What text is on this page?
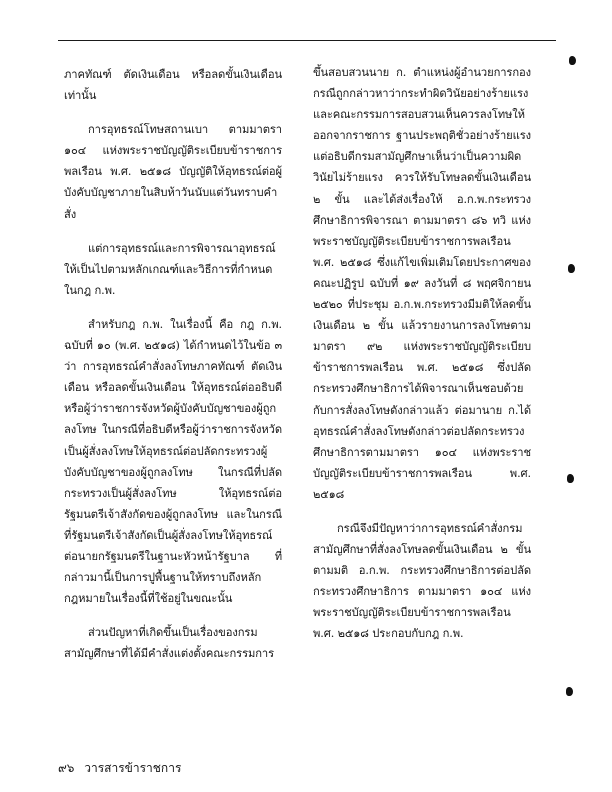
ภาคทัณฑ์ ตัดเงินเดือน หรือลดขั้นเงินเดือน เท่านั้น

การอุทธรณ์โทษสถานเบา ตามมาตรา ๑๐๔ แห่งพระราชบัญญัติระเบียบข้าราชการพลเรือน พ.ศ. ๒๕๑๘ บัญญัติให้อุทธรณ์ต่อผู้บังคับบัญชาภายในสิบห้าวันนับแต่วันทราบคำสั่ง

แต่การอุทธรณ์และการพิจารณาอุทธรณ์ให้เป็นไปตามหลักเกณฑ์และวิธีการที่กำหนดในกฎ ก.พ.

สำหรับกฎ ก.พ. ในเรื่องนี้ คือ กฎ ก.พ. ฉบับที่ ๑๐ (พ.ศ. ๒๕๑๘) ได้กำหนดไว้ในข้อ ๓ ว่า การอุทธรณ์คำสั่งลงโทษภาคทัณฑ์ ตัดเงินเดือน หรือลดขั้นเงินเดือน ให้อุทธรณ์ต่ออธิบดี หรือผู้ว่าราชการจังหวัดผู้บังคับบัญชาของผู้ถูกลงโทษ ในกรณีที่อธิบดีหรือผู้ว่าราชการจังหวัดเป็นผู้สั่งลงโทษให้อุทธรณ์ต่อปลัดกระทรวงผู้บังคับบัญชาของผู้ถูกลงโทษ ในกรณีที่ปลัดกระทรวงเป็นผู้สั่งลงโทษ ให้อุทธรณ์ต่อรัฐมนตรีเจ้าสังกัดของผู้ถูกลงโทษ และในกรณีที่รัฐมนตรีเจ้าสังกัดเป็นผู้สั่งลงโทษให้อุทธรณ์ต่อนายกรัฐมนตรีในฐานะหัวหน้ารัฐบาล ที่กล่าวมานี้เป็นการปูพื้นฐานให้ทราบถึงหลักกฎหมายในเรื่องนี้ที่ใช้อยู่ในขณะนั้น

ส่วนปัญหาที่เกิดขึ้นเป็นเรื่องของกรมสามัญศึกษาที่ได้มีคำสั่งแต่งตั้งคณะกรรมการ

ขึ้นสอบสวนนาย ก. ตำแหน่งผู้อำนวยการกองกรณีถูกกล่าวหาว่ากระทำผิดวินัยอย่างร้ายแรงและคณะกรรมการสอบสวนเห็นควรลงโทษให้ออกจากราชการ ฐานประพฤติชั่วอย่างร้ายแรง แต่อธิบดีกรมสามัญศึกษาเห็นว่าเป็นความผิดวินัยไม่ร้ายแรง ควรให้รับโทษลดขั้นเงินเดือน ๒ ขั้น และได้ส่งเรื่องให้ อ.ก.พ.กระทรวงศึกษาธิการพิจารณา ตามมาตรา ๘๖ ทวิ แห่งพระราชบัญญัติระเบียบข้าราชการพลเรือน พ.ศ. ๒๕๑๘ ซึ่งแก้ไขเพิ่มเติมโดยประกาศของคณะปฏิรูป ฉบับที่ ๑๙ ลงวันที่ ๘ พฤศจิกายน ๒๕๒๐ ที่ประชุม อ.ก.พ.กระทรวงมีมติให้ลดขั้นเงินเดือน ๒ ขั้น แล้วรายงานการลงโทษตามมาตรา ๙๒ แห่งพระราชบัญญัติระเบียบข้าราชการพลเรือน พ.ศ. ๒๕๑๘ ซึ่งปลัดกระทรวงศึกษาธิการได้พิจารณาเห็นชอบด้วยกับการสั่งลงโทษดังกล่าวแล้ว ต่อมานาย ก.ได้อุทธรณ์คำสั่งลงโทษดังกล่าวต่อปลัดกระทรวงศึกษาธิการตามมาตรา ๑๐๔ แห่งพระราชบัญญัติระเบียบข้าราชการพลเรือน พ.ศ. ๒๕๑๘

กรณีจึงมีปัญหาว่าการอุทธรณ์คำสั่งกรมสามัญศึกษาที่สั่งลงโทษลดขั้นเงินเดือน ๒ ขั้น ตามมติ อ.ก.พ. กระทรวงศึกษาธิการต่อปลัดกระทรวงศึกษาธิการ ตามมาตรา ๑๐๔ แห่งพระราชบัญญัติระเบียบข้าราชการพลเรือน พ.ศ. ๒๕๑๘ ประกอบกับกฎ ก.พ.

๙๖ วารสารข้าราชการ
